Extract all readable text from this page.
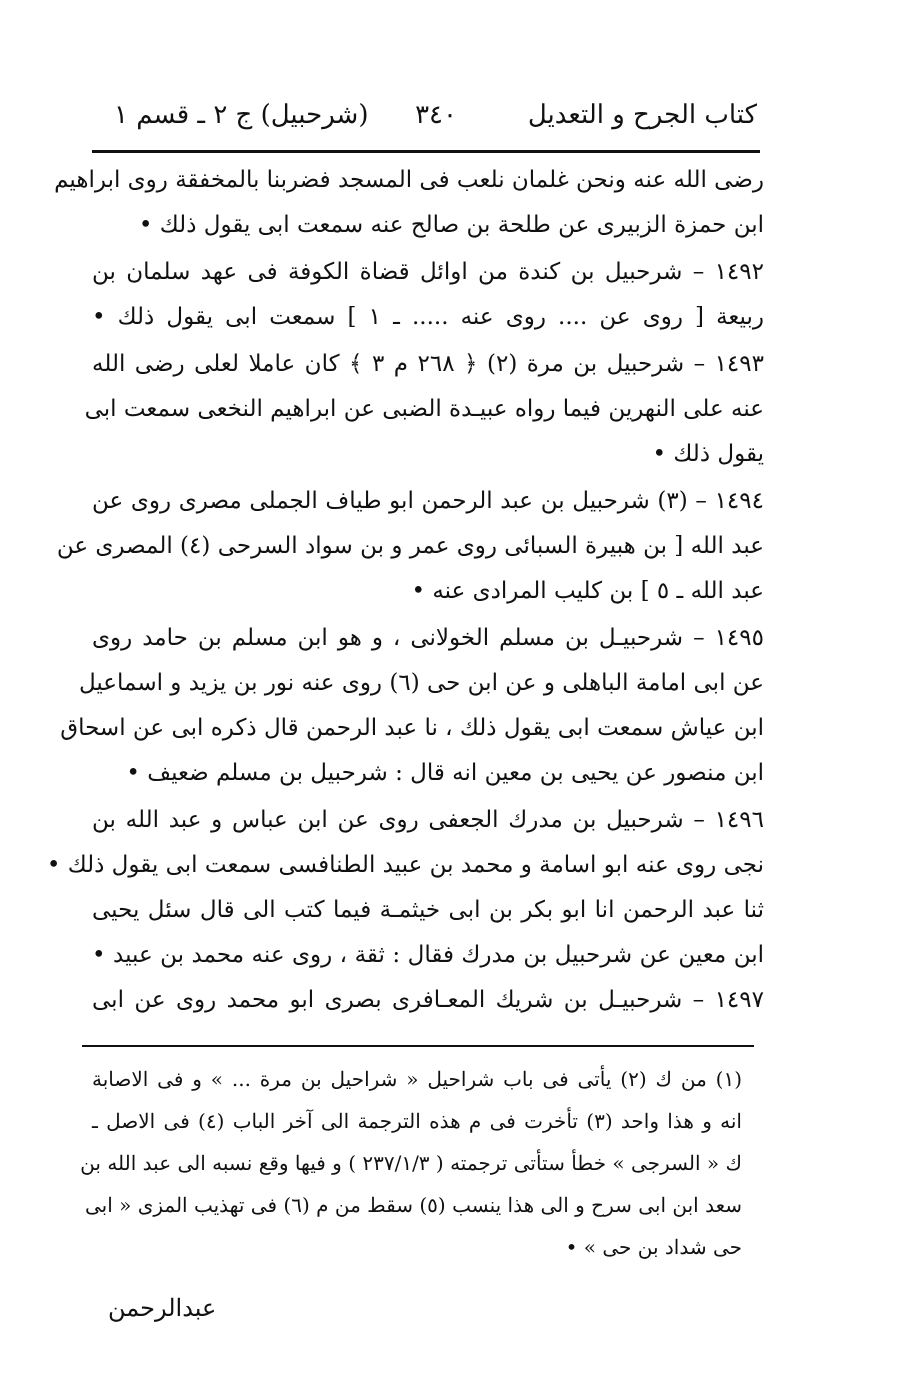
كتاب الجرح و التعديل
٣٤٠
(شرحبيل) ج ٢ ـ قسم ١
رضى الله عنه ونحن غلمان نلعب فى المسجد فضربنا بالمخفقة روى ابراهيم
ابن حمزة الزبيرى عن طلحة بن صالح عنه سمعت ابى يقول ذلك •
١٤٩٢ – شرحبيل بن كندة من اوائل قضاة الكوفة فى عهد سلمان بن
ربيعة [ روى عن .... روى عنه ..... ـ ١ ] سمعت ابى يقول ذلك •
١٤٩٣ – شرحبيل بن مرة (٢) ﴿ ٢٦٨ م ٣ ﴾ كان عاملا لعلى رضى الله
عنه على النهرين فيما رواه عبيـدة الضبى عن ابراهيم النخعى سمعت ابى
يقول ذلك •
١٤٩٤ – (٣) شرحبيل بن عبد الرحمن ابو طياف الجملى مصرى روى عن
عبد الله [ بن هبيرة السبائى روى عمر و بن سواد السرحى (٤) المصرى عن
عبد الله ـ ٥ ] بن كليب المرادى عنه •
١٤٩٥ – شرحبيـل بن مسلم الخولانى ، و هو ابن مسلم بن حامد روى
عن ابى امامة الباهلى و عن ابن حى (٦) روى عنه نور بن يزيد و اسماعيل
ابن عياش سمعت ابى يقول ذلك ، نا عبد الرحمن قال ذكره ابى عن اسحاق
ابن منصور عن يحيى بن معين انه قال : شرحبيل بن مسلم ضعيف •
١٤٩٦ – شرحبيل بن مدرك الجعفى روى عن ابن عباس و عبد الله بن
نجى روى عنه ابو اسامة و محمد بن عبيد الطنافسى سمعت ابى يقول ذلك •
ثنا عبد الرحمن انا ابو بكر بن ابى خيثمـة فيما كتب الى قال سئل يحيى
ابن معين عن شرحبيل بن مدرك فقال : ثقة ، روى عنه محمد بن عبيد •
١٤٩٧ – شرحبيـل بن شريك المعـافرى بصرى ابو محمد روى عن ابى
(١) من ك (٢) يأتى فى باب شراحيل « شراحيل بن مرة ... » و فى الاصابة
انه و هذا واحد (٣) تأخرت فى م هذه الترجمة الى آخر الباب (٤) فى الاصل ـ
ك « السرجى » خطأ ستأتى ترجمته ( ٢٣٧/١/٣ ) و فيها وقع نسبه الى عبد الله بن
سعد ابن ابى سرح و الى هذا ينسب (٥) سقط من م (٦) فى تهذيب المزى « ابى
حى شداد بن حى » •
عبدالرحمن
